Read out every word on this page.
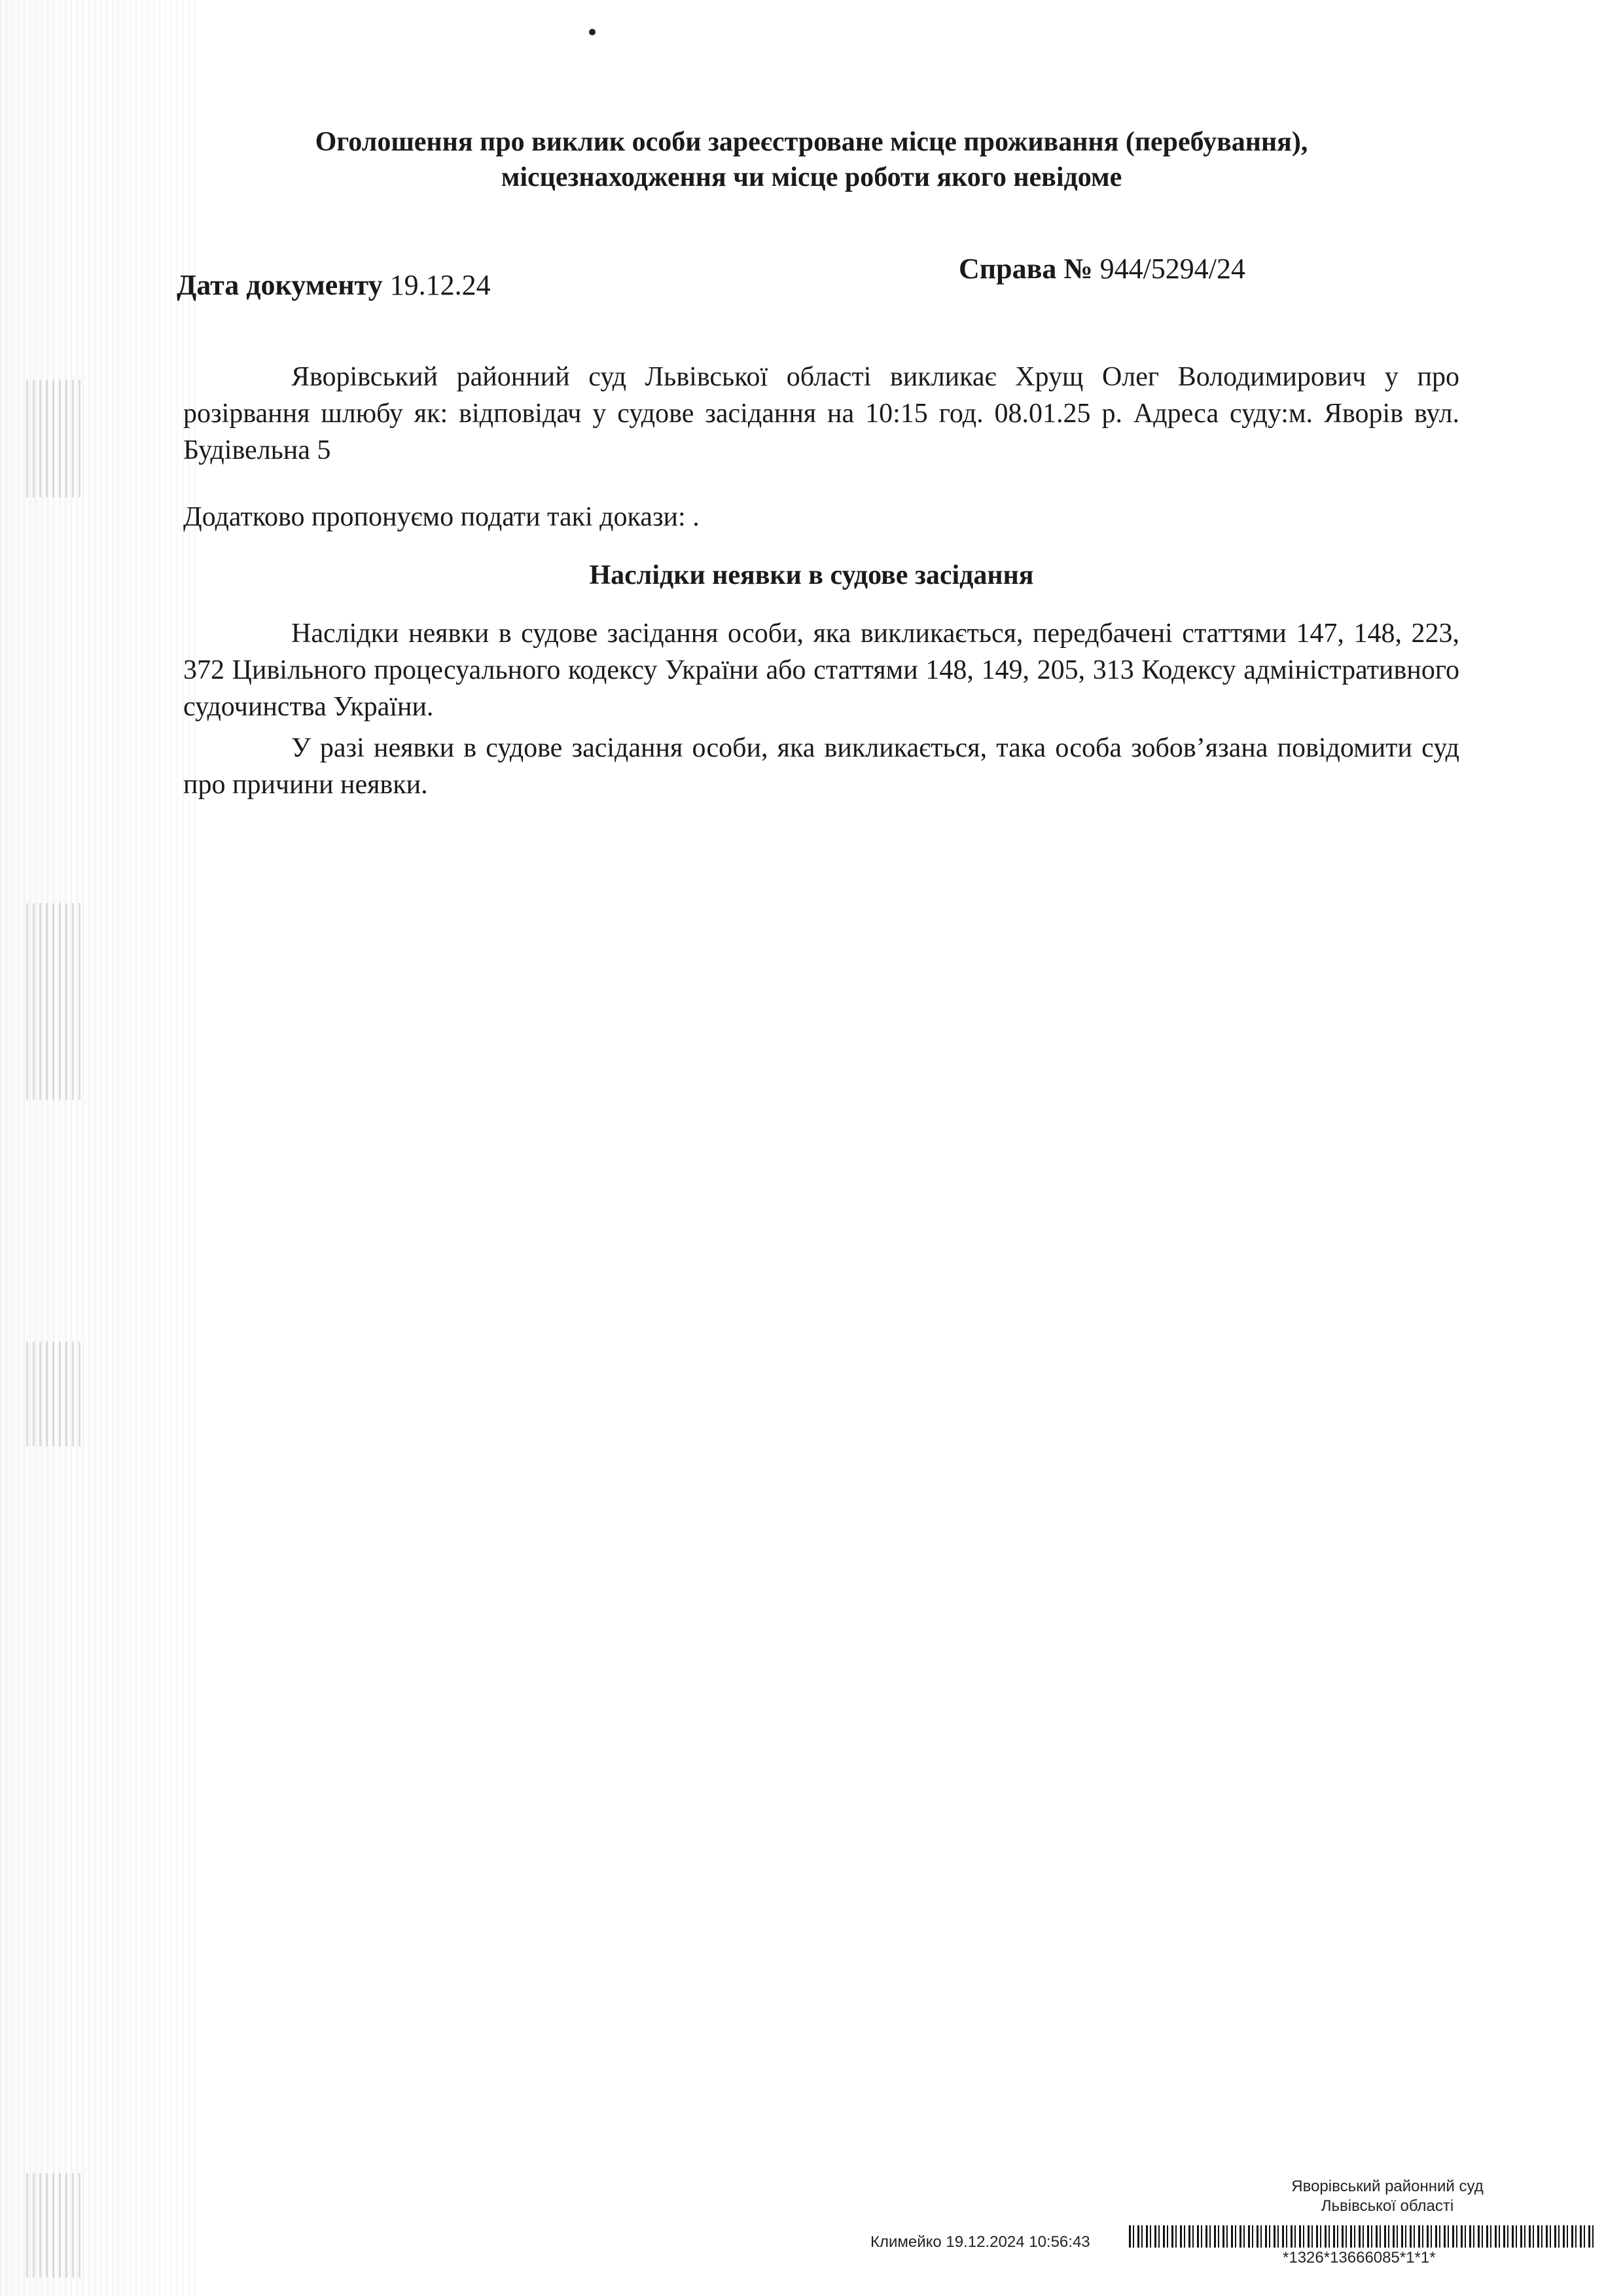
Оголошення про виклик особи зареєстроване місце проживання (перебування),
місцезнаходження чи місце роботи якого невідоме
Дата документу 19.12.24
Справа № 944/5294/24
Яворівський районний суд Львівської області викликає Хрущ Олег Володимирович у про розірвання шлюбу як: відповідач у судове засідання на 10:15 год. 08.01.25 р. Адреса суду:м. Яворів вул. Будівельна 5
Додатково пропонуємо подати такі докази: .
Наслідки неявки в судове засідання
Наслідки неявки в судове засідання особи, яка викликається, передбачені статтями 147, 148, 223, 372 Цивільного процесуального кодексу України або статтями 148, 149, 205, 313 Кодексу адміністративного судочинства України.
У разі неявки в судове засідання особи, яка викликається, така особа зобов’язана повідомити суд про причини неявки.
Яворівський районний суд
Львівської області
Климейко 19.12.2024 10:56:43
*1326*13666085*1*1*
